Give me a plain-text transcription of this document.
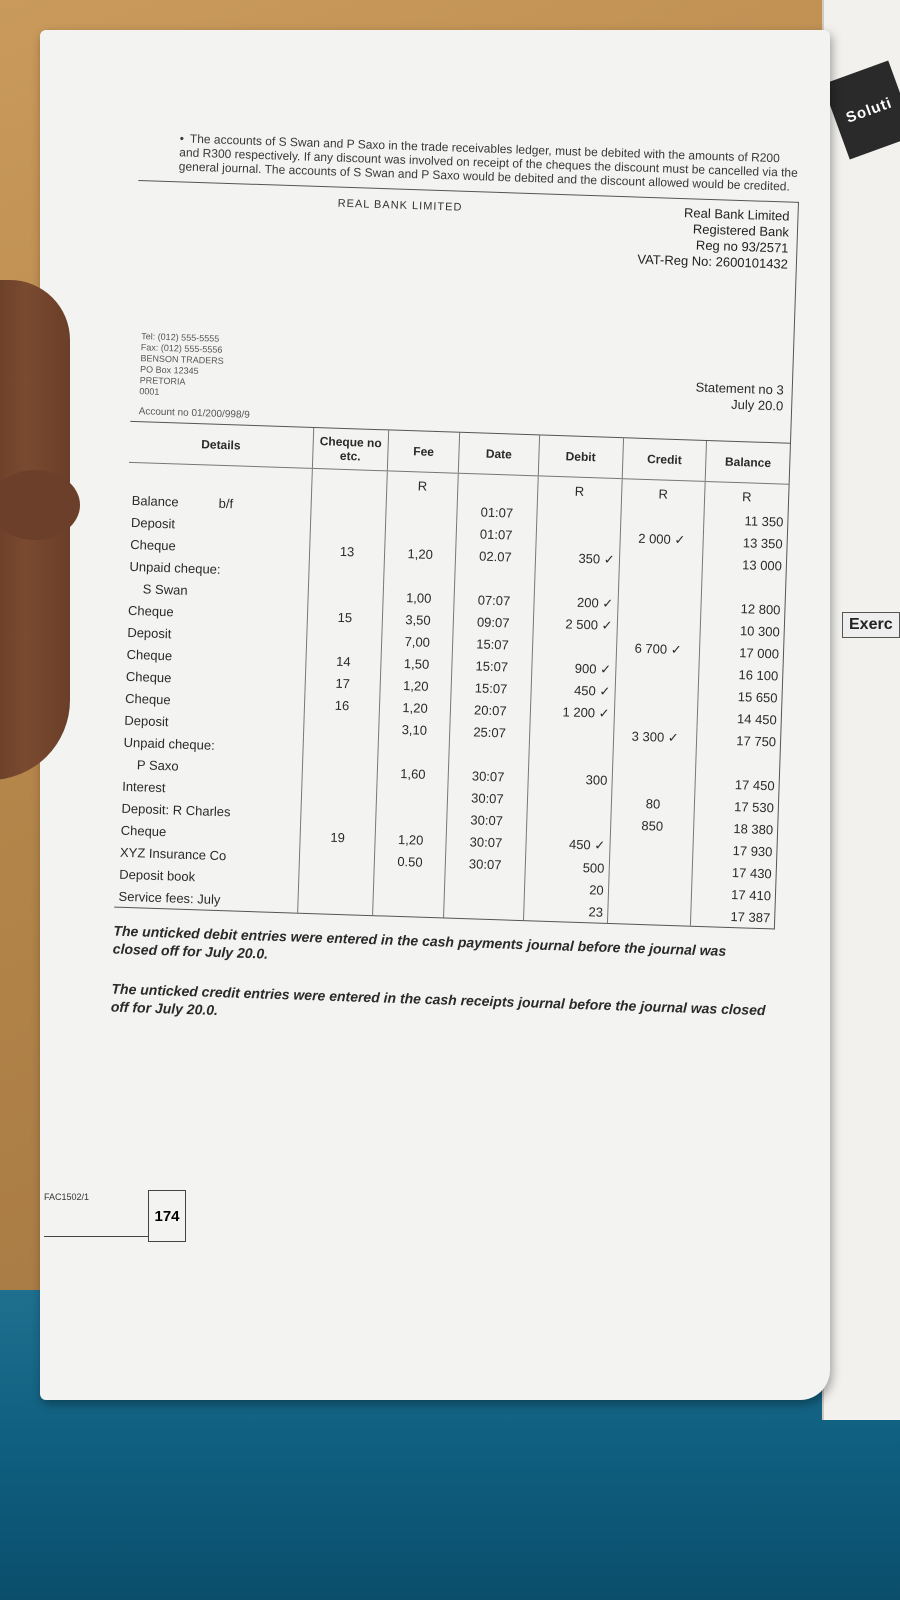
Soluti
Exerc

• The accounts of S Swan and P Saxo in the trade receivables ledger, must be debited with the amounts of R200 and R300 respectively. If any discount was involved on receipt of the cheques the discount must be cancelled via the general journal. The accounts of S Swan and P Saxo would be debited and the discount allowed would be credited.

REAL BANK LIMITED	Real Bank Limited
Registered Bank
Reg no 93/2571
VAT-Reg No: 2600101432
Tel: (012) 555-5555
Fax: (012) 555-5556
BENSON TRADERS
PO Box 12345
PRETORIA
0001	Statement no 3
July 20.0
Account no 01/200/998/9
Details	Cheque no etc.	Fee	Date	Debit	Credit	Balance
		R		R	R	R
Balance b/f			01:07			11 350
Deposit			01:07		2 000 ✓	13 350
Cheque	13	1,20	02.07	350 ✓		13 000
Unpaid cheque:						
S Swan		1,00	07:07	200 ✓		12 800
Cheque	15	3,50	09:07	2 500 ✓		10 300
Deposit		7,00	15:07		6 700 ✓	17 000
Cheque	14	1,50	15:07	900 ✓		16 100
Cheque	17	1,20	15:07	450 ✓		15 650
Cheque	16	1,20	20:07	1 200 ✓		14 450
Deposit		3,10	25:07		3 300 ✓	17 750
Unpaid cheque:						
P Saxo		1,60	30:07	300		17 450
Interest			30:07		80	17 530
Deposit: R Charles			30:07		850	18 380
Cheque	19	1,20	30:07	450 ✓		17 930
XYZ Insurance Co		0.50	30:07	500		17 430
Deposit book				20		17 410
Service fees: July				23		17 387

The unticked debit entries were entered in the cash payments journal before the journal was closed off for July 20.0.

The unticked credit entries were entered in the cash receipts journal before the journal was closed off for July 20.0.

FAC1502/1
174
